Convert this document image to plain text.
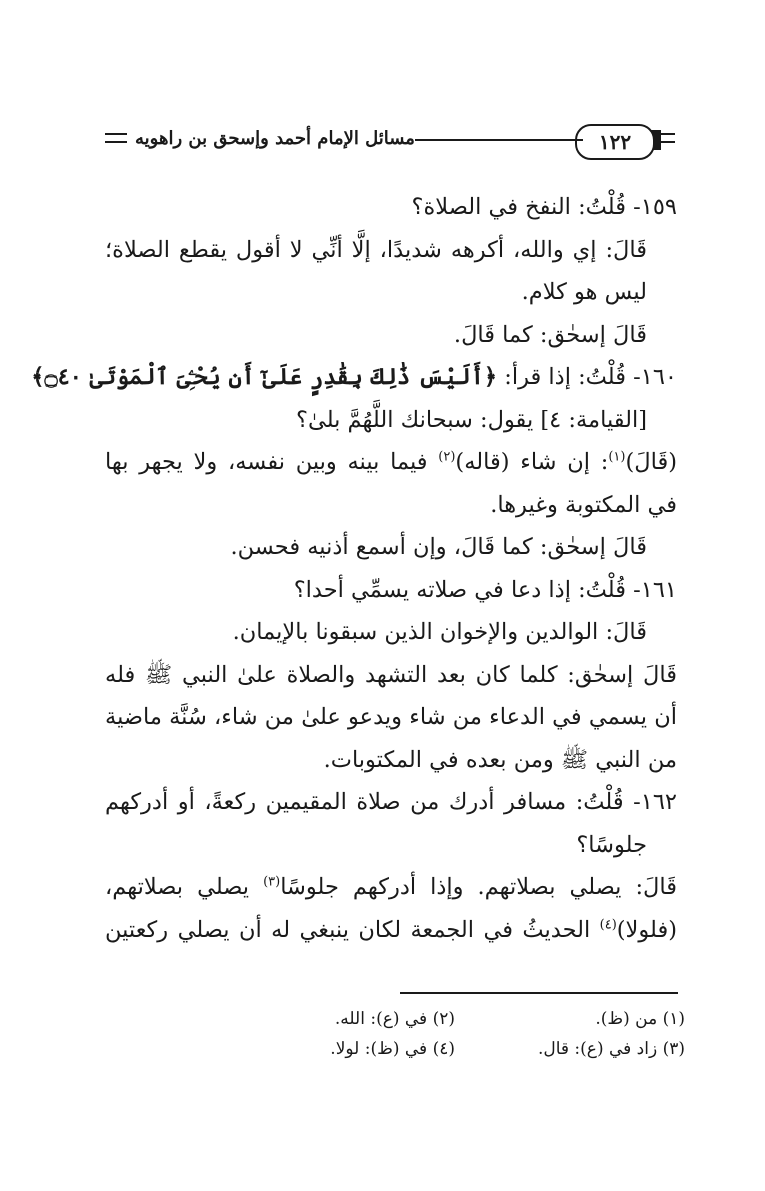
١٢٢
مسائل الإمام أحمد وإسحق بن راهويه
١٥٩- قُلْتُ: النفخ في الصلاة؟
قَالَ: إي والله، أكرهه شديدًا، إلَّا أنِّي لا أقول يقطع الصلاة؛
ليس هو كلام.
قَالَ إسحٰق: كما قَالَ.
١٦٠- قُلْتُ: إذا قرأ: ﴿أَلَيْسَ ذَٰلِكَ بِقَٰدِرٍ عَلَىٰٓ أَن يُحْـِۧىَ ٱلْمَوْتَىٰ ۝٤٠﴾
[القيامة: ٤] يقول: سبحانك اللَّهُمَّ بلىٰ؟
(قَالَ)$^{(١)}$: إن شاء (قاله)$^{(٢)}$ فيما بينه وبين نفسه، ولا يجهر بها
في المكتوبة وغيرها.
قَالَ إسحٰق: كما قَالَ، وإن أسمع أذنيه فحسن.
١٦١- قُلْتُ: إذا دعا في صلاته يسمِّي أحدا؟
قَالَ: الوالدين والإخوان الذين سبقونا بالإيمان.
قَالَ إسحٰق: كلما كان بعد التشهد والصلاة علىٰ النبي ﷺ فله
أن يسمي في الدعاء من شاء ويدعو علىٰ من شاء، سُنَّة ماضية
من النبي ﷺ ومن بعده في المكتوبات.
١٦٢- قُلْتُ: مسافر أدرك من صلاة المقيمين ركعةً، أو أدركهم
جلوسًا؟
قَالَ: يصلي بصلاتهم. وإذا أدركهم جلوسًا$^{(٣)}$ يصلي بصلاتهم،
(فلولا)$^{(٤)}$ الحديثُ في الجمعة لكان ينبغي له أن يصلي ركعتين
(١) من (ظ).
(٢) في (ع): الله.
(٣) زاد في (ع): قال.
(٤) في (ظ): لولا.
